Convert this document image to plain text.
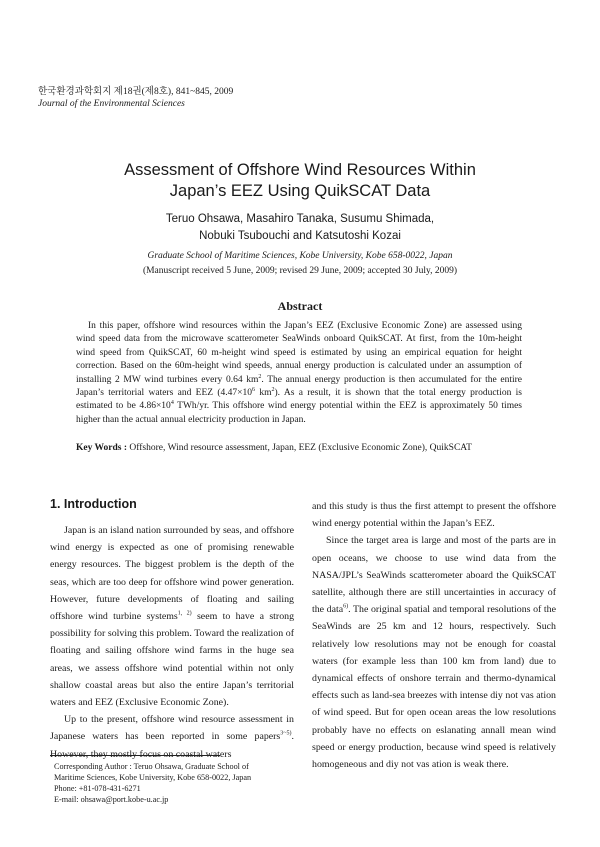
한국환경과학회지 제18권(제8호), 841~845, 2009
Journal of the Environmental Sciences
Assessment of Offshore Wind Resources Within
Japan’s EEZ Using QuikSCAT Data
Teruo Ohsawa, Masahiro Tanaka, Susumu Shimada,
Nobuki Tsubouchi and Katsutoshi Kozai
Graduate School of Maritime Sciences, Kobe University, Kobe 658-0022, Japan
(Manuscript received 5 June, 2009; revised 29 June, 2009; accepted 30 July, 2009)
Abstract
In this paper, offshore wind resources within the Japan’s EEZ (Exclusive Economic Zone) are assessed using wind speed data from the microwave scatterometer SeaWinds onboard QuikSCAT. At first, from the 10m-height wind speed from QuikSCAT, 60 m-height wind speed is estimated by using an empirical equation for height correction. Based on the 60m-height wind speeds, annual energy production is calculated under an assumption of installing 2 MW wind turbines every 0.64 $km^2$. The annual energy production is then accumulated for the entire Japan’s territorial waters and EEZ ($4.47\times 10^6$ $km^2$). As a result, it is shown that the total energy production is estimated to be $4.86\times 10^4$ TWh/yr. This offshore wind energy potential within the EEZ is approximately 50 times higher than the actual annual electricity production in Japan.
Key Words : Offshore, Wind resource assessment, Japan, EEZ (Exclusive Economic Zone), QuikSCAT
1. Introduction

Japan is an island nation surrounded by seas, and offshore wind energy is expected as one of promising renewable energy resources. The biggest problem is the depth of the seas, which are too deep for offshore wind power generation. However, future developments of floating and sailing offshore wind turbine systems$^{1, 2)}$ seem to have a strong possibility for solving this problem. Toward the realization of floating and sailing offshore wind farms in the huge sea areas, we assess offshore wind potential within not only shallow coastal areas but also the entire Japan’s territorial waters and EEZ (Exclusive Economic Zone).

Up to the present, offshore wind resource assessment in Japanese waters has been reported in some papers$^{3\sim 5)}$. However, they mostly focus on coastal waters

and this study is thus the first attempt to present the offshore wind energy potential within the Japan’s EEZ.

Since the target area is large and most of the parts are in open oceans, we choose to use wind data from the NASA/JPL’s SeaWinds scatterometer aboard the QuikSCAT satellite, although there are still uncertainties in accuracy of the data$^{6)}$. The original spatial and temporal resolutions of the SeaWinds are 25 km and 12 hours, respectively. Such relatively low resolutions may not be enough for coastal waters (for example less than 100 km from land) due to dynamical effects of onshore terrain and thermo-dynamical effects such as land-sea breezes with intense diy not vas ation of wind speed. But for open ocean areas the low resolutions probably have no effects on eslanating annall mean wind speed or energy production, because wind speed is relatively homogeneous and diy not vas ation is weak there.

Corresponding Author : Teruo Ohsawa, Graduate School of
Maritime Sciences, Kobe University, Kobe 658-0022, Japan
Phone: +81-078-431-6271
E-mail: ohsawa@port.kobe-u.ac.jp
